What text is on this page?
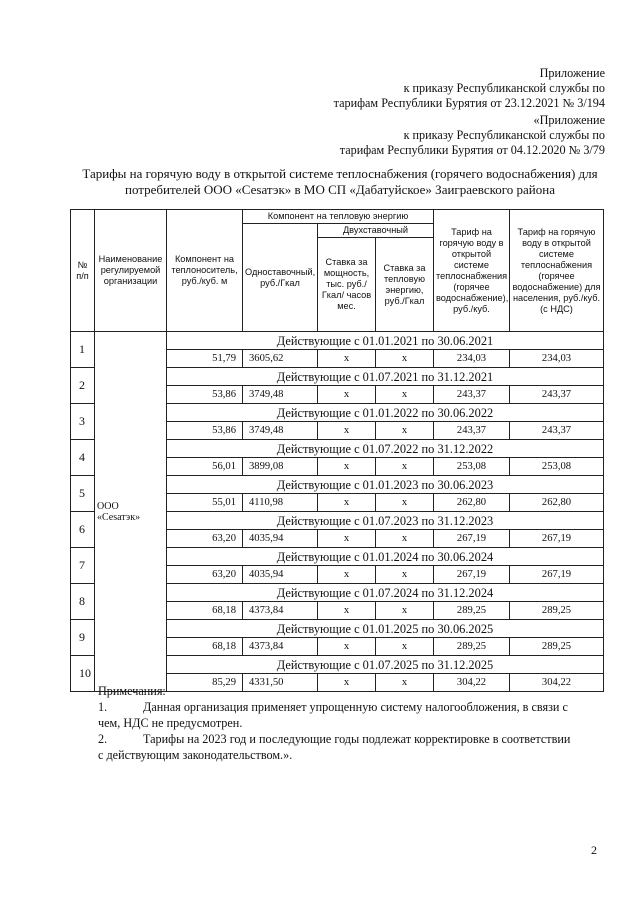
Приложение
к приказу Республиканской службы по
тарифам Республики Бурятия от 23.12.2021 № 3/194
«Приложение
к приказу Республиканской службы по
тарифам Республики Бурятия от 04.12.2020 № 3/79
Тарифы на горячую воду в открытой системе теплоснабжения (горячего водоснабжения) для
потребителей ООО «Сеsатэк» в МО СП «Дабатуйское» Заиграевского района
№ п/п	Наименование регулируемой организации	Компонент на теплоноситель, руб./куб. м	Компонент на тепловую энергию			Тариф на горячую воду в открытой системе теплоснабжения (горячее водоснабжение), руб./куб.	Тариф на горячую воду в открытой системе теплоснабжения (горячее водоснабжение) для населения, руб./куб. (с НДС)
			Одноставочный, руб./Гкал	Двухставочный			
				Ставка за мощность, тыс. руб./Гкал/ часов мес.	Ставка за тепловую энергию, руб./Гкал		
1	ООО «Сеsатэк»	Действующие с 01.01.2021 по 30.06.2021					
		51,79	3605,62	х	х	234,03	234,03
2		Действующие с 01.07.2021 по 31.12.2021					
		53,86	3749,48	х	х	243,37	243,37
3		Действующие с 01.01.2022 по 30.06.2022					
		53,86	3749,48	х	х	243,37	243,37
4		Действующие с 01.07.2022 по 31.12.2022					
		56,01	3899,08	х	х	253,08	253,08
5		Действующие с 01.01.2023 по 30.06.2023					
		55,01	4110,98	х	х	262,80	262,80
6		Действующие с 01.07.2023 по 31.12.2023					
		63,20	4035,94	х	х	267,19	267,19
7		Действующие с 01.01.2024 по 30.06.2024					
		63,20	4035,94	х	х	267,19	267,19
8		Действующие с 01.07.2024 по 31.12.2024					
		68,18	4373,84	х	х	289,25	289,25
9		Действующие с 01.01.2025 по 30.06.2025					
		68,18	4373,84	х	х	289,25	289,25
10		Действующие с 01.07.2025 по 31.12.2025					
		85,29	4331,50	х	х	304,22	304,22
Примечания:
1.	Данная организация применяет упрощенную систему налогообложения, в связи с
чем, НДС не предусмотрен.
2.	Тарифы на 2023 год и последующие годы подлежат корректировке в соответствии
с действующим законодательством.».
2
